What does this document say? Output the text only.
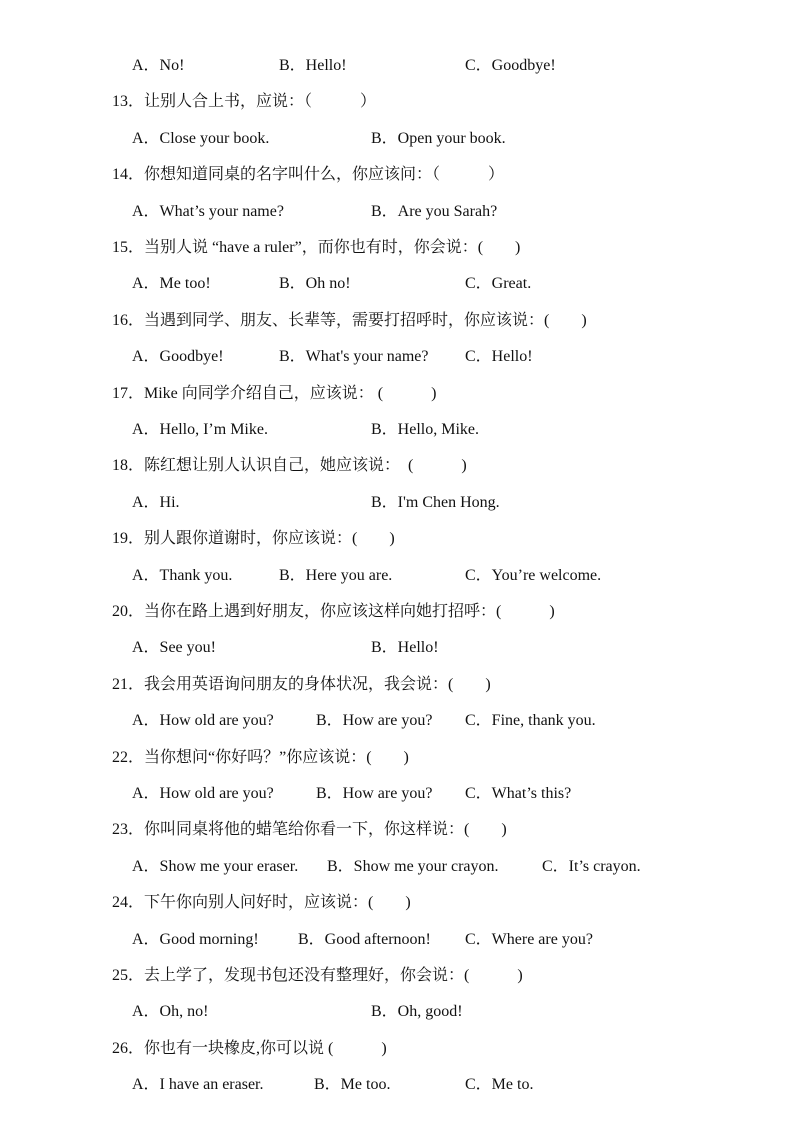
A．No!	B．Hello!	C．Goodbye!
13．让别人合上书，应说：（　　　）
A．Close your book.	B．Open your book.
14．你想知道同桌的名字叫什么，你应该问：（　　　）
A．What’s your name?	B．Are you Sarah?
15．当别人说 “have a ruler”，而你也有时，你会说：(　　)
A．Me too!	B．Oh no!	C．Great.
16．当遇到同学、朋友、长辈等，需要打招呼时，你应该说：(　　)
A．Goodbye!	B．What's your name? C．Hello!
17．Mike 向同学介绍自己，应该说： (　　　)
A．Hello, I’m Mike.	B．Hello, Mike.
18．陈红想让别人认识自己，她应该说：　(　　　)
A．Hi.	B．I'm Chen Hong.
19．别人跟你道谢时，你应该说：(　　)
A．Thank you.	B．Here you are.	C．You’re welcome.
20．当你在路上遇到好朋友，你应该这样向她打招呼：(　　　)
A．See you!	B．Hello!
21．我会用英语询问朋友的身体状况，我会说：(　　)
A．How old are you?	B．How are you? C．Fine, thank you.
22．当你想问“你好吗？”你应该说：(　　)
A．How old are you?	B．How are you? C．What’s this?
23．你叫同桌将他的蜡笔给你看一下，你这样说：(　　)
A．Show me your eraser. B．Show me your crayon.	C．It’s crayon.
24．下午你向别人问好时，应该说：(　　)
A．Good morning! B．Good afternoon! C．Where are you?
25．去上学了，发现书包还没有整理好，你会说：(　　　)
A．Oh, no!	B．Oh, good!
26．你也有一块橡皮,你可以说 (　　　)
A．I have an eraser.	B．Me too.	C．Me to.
